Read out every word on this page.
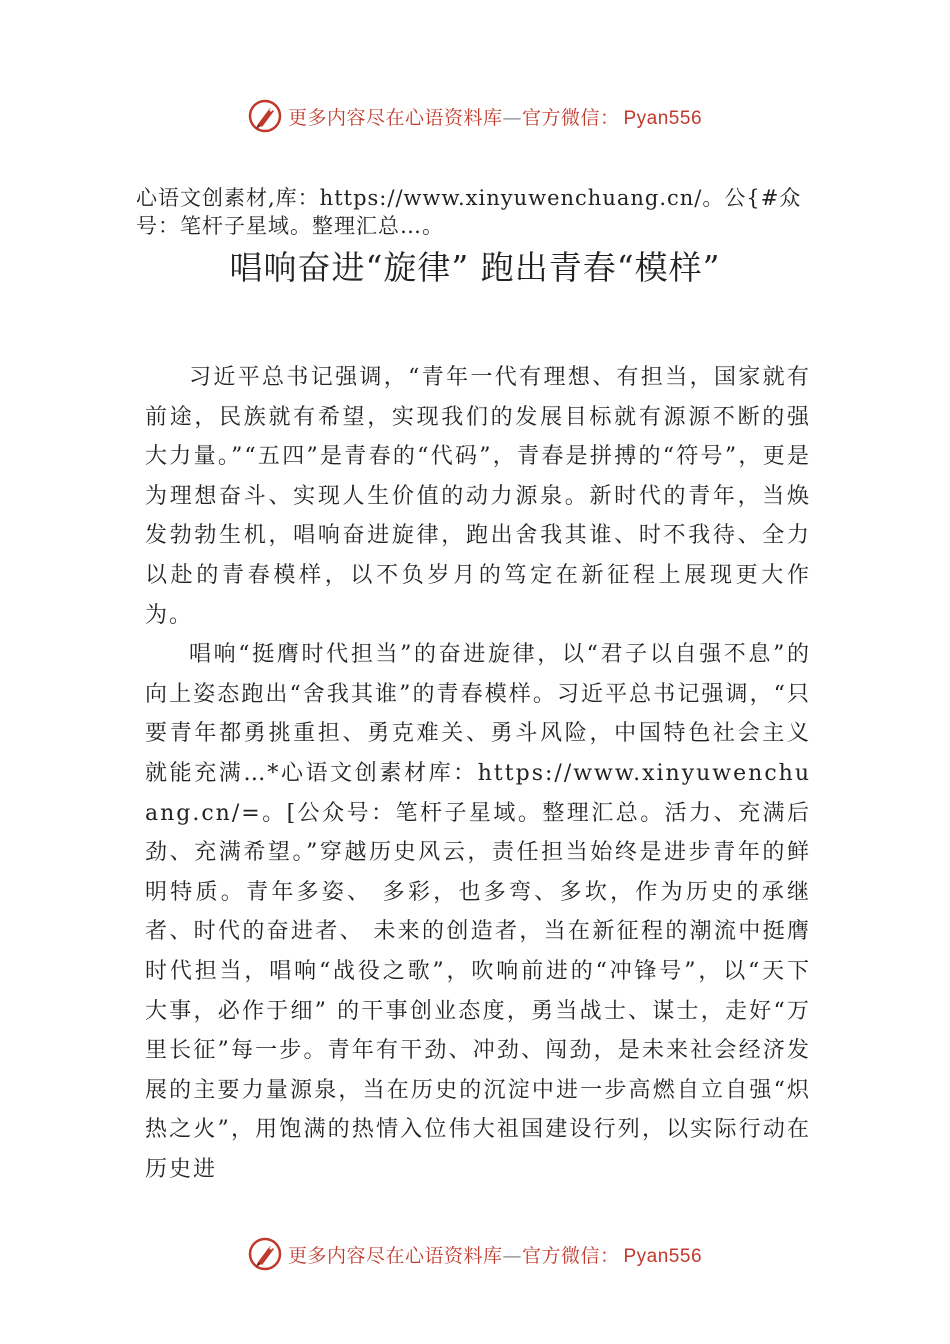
更多内容尽在心语资料库—官方微信： Pyan556
心语文创素材,库：https://www.xinyuwenchuang.cn/。公{#众号：笔杆子星域。整理汇总…。
唱响奋进“旋律” 跑出青春“模样”

习近平总书记强调，“青年一代有理想、有担当，国家就有前途，民族就有希望，实现我们的发展目标就有源源不断的强大力量。”“五四”是青春的“代码”，青春是拼搏的“符号”，更是为理想奋斗、实现人生价值的动力源泉。新时代的青年，当焕发勃勃生机，唱响奋进旋律，跑出舍我其谁、时不我待、全力以赴的青春模样，以不负岁月的笃定在新征程上展现更大作为。

唱响“挺膺时代担当”的奋进旋律，以“君子以自强不息”的向上姿态跑出“舍我其谁”的青春模样。习近平总书记强调，“只要青年都勇挑重担、勇克难关、勇斗风险，中国特色社会主义就能充满…*心语文创素材库：https://www.xinyuwenchuang.cn/=。[公众号：笔杆子星域。整理汇总。活力、充满后劲、充满希望。”穿越历史风云，责任担当始终是进步青年的鲜明特质。青年多姿、 多彩，也多弯、多坎，作为历史的承继者、时代的奋进者、 未来的创造者，当在新征程的潮流中挺膺时代担当，唱响“战役之歌”，吹响前进的“冲锋号”，以“天下大事，必作于细” 的干事创业态度，勇当战士、谋士，走好“万里长征”每一步。青年有干劲、冲劲、闯劲，是未来社会经济发展的主要力量源泉，当在历史的沉淀中进一步高燃自立自强“炽热之火”，用饱满的热情入位伟大祖国建设行列，以实际行动在历史进

更多内容尽在心语资料库—官方微信： Pyan556
